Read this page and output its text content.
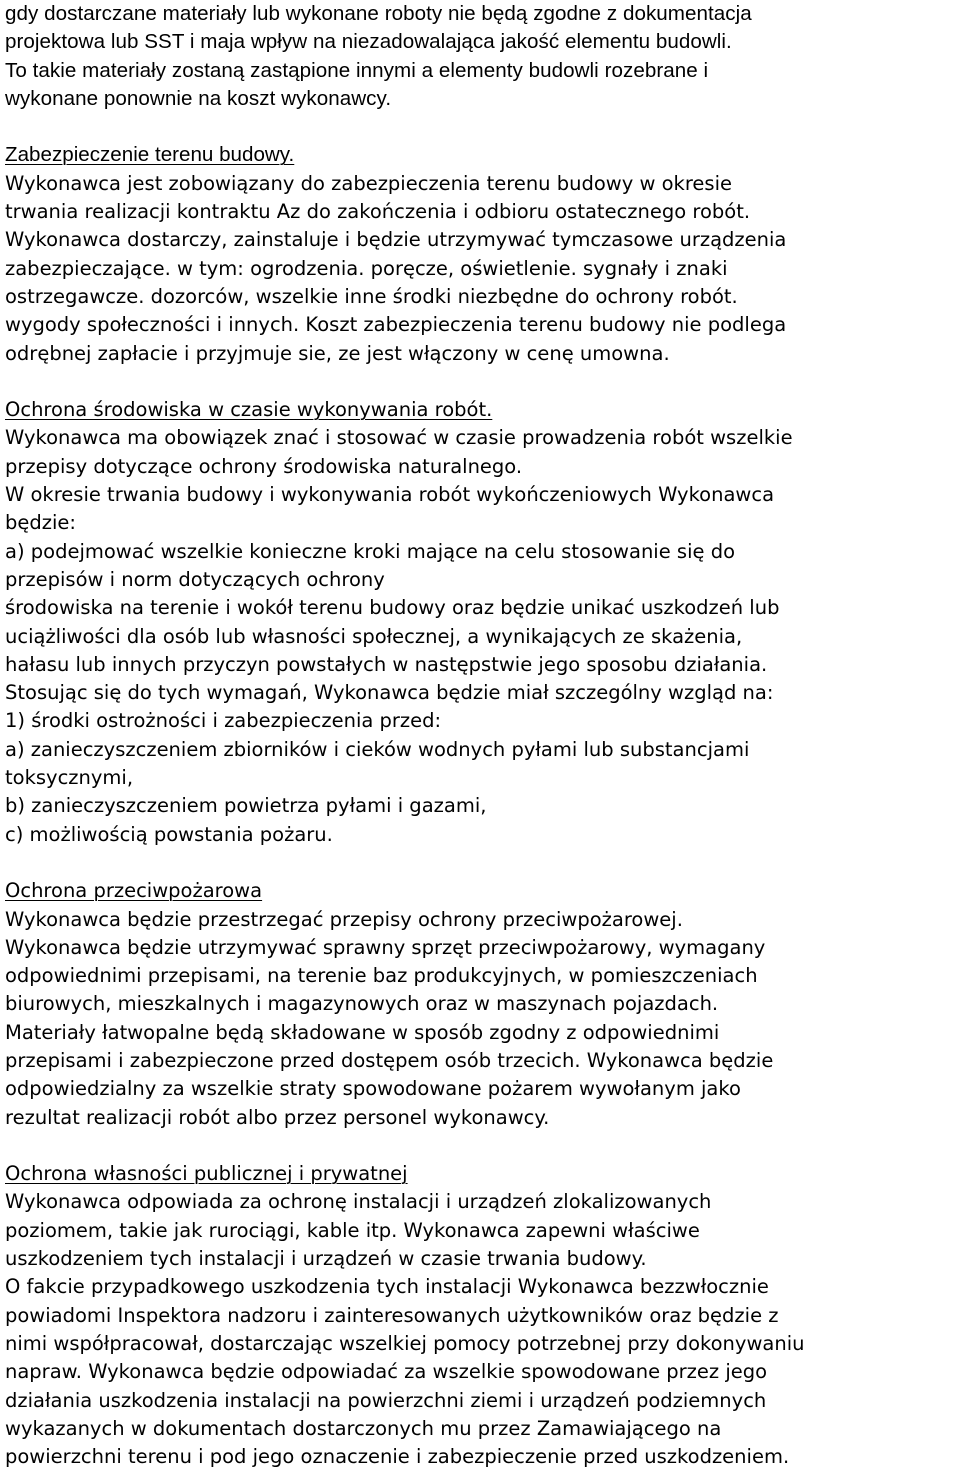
gdy dostarczane materiały lub wykonane roboty nie będą zgodne z dokumentacja
projektowa lub SST i maja wpływ na niezadowalająca jakość elementu budowli.
To takie materiały zostaną zastąpione innymi a elementy budowli rozebrane i
wykonane ponownie na koszt wykonawcy.
Zabezpieczenie terenu budowy.
Wykonawca jest zobowiązany do zabezpieczenia terenu budowy w okresie
trwania realizacji kontraktu Az do zakończenia i odbioru ostatecznego robót.
Wykonawca dostarczy, zainstaluje i będzie utrzymywać tymczasowe urządzenia
zabezpieczające. w tym: ogrodzenia. poręcze, oświetlenie. sygnały i znaki
ostrzegawcze. dozorców, wszelkie inne środki niezbędne do ochrony robót.
wygody społeczności i innych. Koszt zabezpieczenia terenu budowy nie podlega
odrębnej zapłacie i przyjmuje sie, ze jest włączony w cenę umowna.
Ochrona środowiska w czasie wykonywania robót.
Wykonawca ma obowiązek znać i stosować w czasie prowadzenia robót wszelkie
przepisy dotyczące ochrony środowiska naturalnego.
W okresie trwania budowy i wykonywania robót wykończeniowych Wykonawca
będzie:
a) podejmować wszelkie konieczne kroki mające na celu stosowanie się do
przepisów i norm dotyczących ochrony
środowiska na terenie i wokół terenu budowy oraz będzie unikać uszkodzeń lub
uciążliwości dla osób lub własności społecznej, a wynikających ze skażenia,
hałasu lub innych przyczyn powstałych w następstwie jego sposobu działania.
Stosując się do tych wymagań, Wykonawca będzie miał szczególny wzgląd na:
1) środki ostrożności i zabezpieczenia przed:
a) zanieczyszczeniem zbiorników i cieków wodnych pyłami lub substancjami
toksycznymi,
b) zanieczyszczeniem powietrza pyłami i gazami,
c) możliwością powstania pożaru.
Ochrona przeciwpożarowa
Wykonawca będzie przestrzegać przepisy ochrony przeciwpożarowej.
Wykonawca będzie utrzymywać sprawny sprzęt przeciwpożarowy, wymagany
odpowiednimi przepisami, na terenie baz produkcyjnych, w pomieszczeniach
biurowych, mieszkalnych i magazynowych oraz w maszynach pojazdach.
Materiały łatwopalne będą składowane w sposób zgodny z odpowiednimi
przepisami i zabezpieczone przed dostępem osób trzecich. Wykonawca będzie
odpowiedzialny za wszelkie straty spowodowane pożarem wywołanym jako
rezultat realizacji robót albo przez personel wykonawcy.
Ochrona własności publicznej i prywatnej
Wykonawca odpowiada za ochronę instalacji i urządzeń zlokalizowanych
poziomem, takie jak rurociągi, kable itp. Wykonawca zapewni właściwe
uszkodzeniem tych instalacji i urządzeń w czasie trwania budowy.
O fakcie przypadkowego uszkodzenia tych instalacji Wykonawca bezzwłocznie
powiadomi Inspektora nadzoru i zainteresowanych użytkowników oraz będzie z
nimi współpracował, dostarczając wszelkiej pomocy potrzebnej przy dokonywaniu
napraw. Wykonawca będzie odpowiadać za wszelkie spowodowane przez jego
działania uszkodzenia instalacji na powierzchni ziemi i urządzeń podziemnych
wykazanych w dokumentach dostarczonych mu przez Zamawiającego na
powierzchni terenu i pod jego oznaczenie i zabezpieczenie przed uszkodzeniem.
